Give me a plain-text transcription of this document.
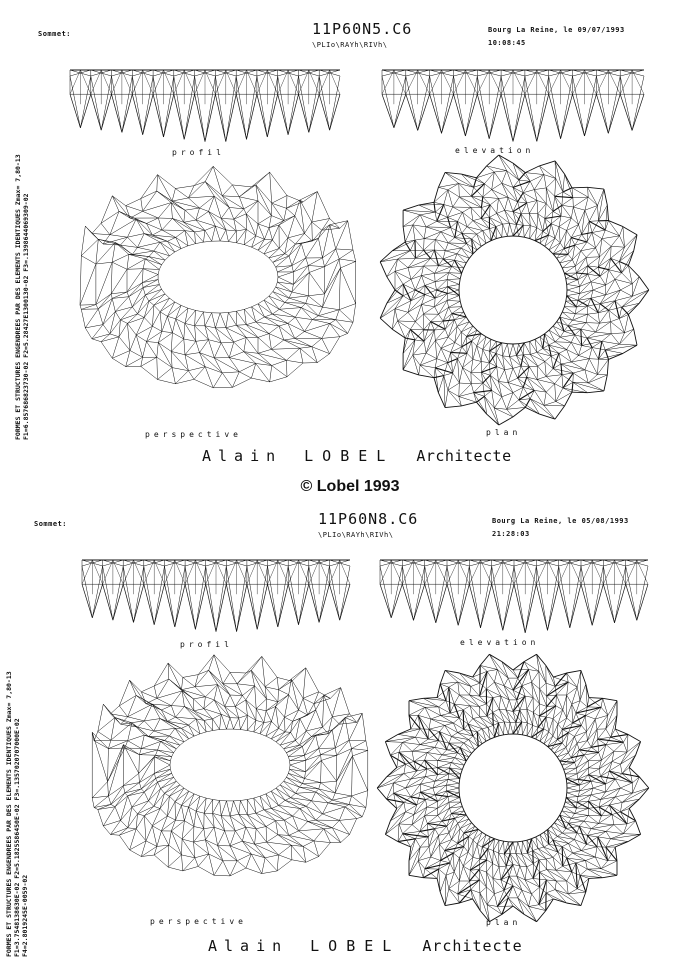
Sommet:	11P60N5.C6
\PLIo\RAYh\RIVh\
Bourg La Reine, le 09/07/1993
10:08:45
FORMES ET STRUCTURES ENGENDREES PAR DES ELEMENTS IDENTIQUES Zmax= 7,80-13 F1=6.857686823730-02 F2=5.28427E1300130-02 F3=.1398644069309-02
profil	elevation
perspective	plan
Alain LOBEL Architecte
© Lobel 1993
Sommet:	11P60N8.C6
\PLIo\RAYh\RIVh\
Bourg La Reine, le 05/08/1993
21:28:03
FORMES ET STRUCTURES ENGENDREES PAR DES ELEMENTS IDENTIQUES Zmax= 7,80-13 F1=3.7548138630E-02 F2=5.1825586450E-02 F3=.1357020707000E-02 F4=2.8019245E-0059-02
profil	elevation
perspective	plan
Alain LOBEL Architecte
